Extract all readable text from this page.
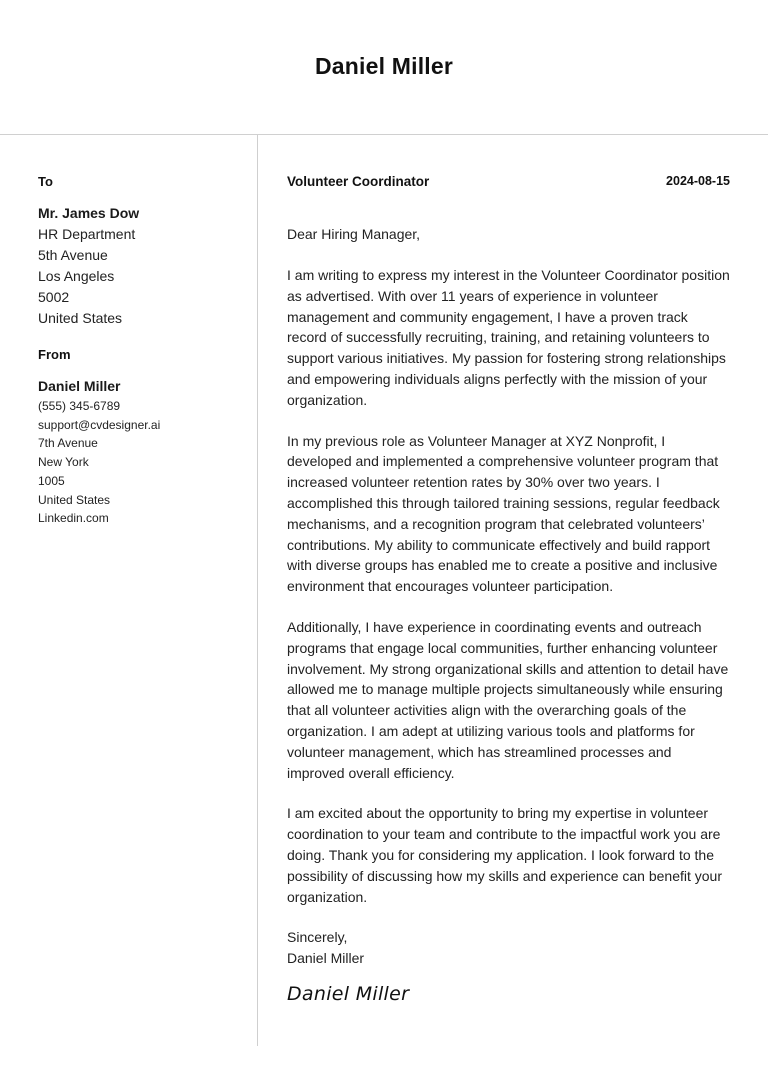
Daniel Miller
To
Mr. James Dow
HR Department
5th Avenue
Los Angeles
5002
United States
From
Daniel Miller
(555) 345-6789
support@cvdesigner.ai
7th Avenue
New York
1005
United States
Linkedin.com
Volunteer Coordinator	2024-08-15
Dear Hiring Manager,

I am writing to express my interest in the Volunteer Coordinator position as advertised. With over 11 years of experience in volunteer management and community engagement, I have a proven track record of successfully recruiting, training, and retaining volunteers to support various initiatives. My passion for fostering strong relationships and empowering individuals aligns perfectly with the mission of your organization.

In my previous role as Volunteer Manager at XYZ Nonprofit, I developed and implemented a comprehensive volunteer program that increased volunteer retention rates by 30% over two years. I accomplished this through tailored training sessions, regular feedback mechanisms, and a recognition program that celebrated volunteers’ contributions. My ability to communicate effectively and build rapport with diverse groups has enabled me to create a positive and inclusive environment that encourages volunteer participation.

Additionally, I have experience in coordinating events and outreach programs that engage local communities, further enhancing volunteer involvement. My strong organizational skills and attention to detail have allowed me to manage multiple projects simultaneously while ensuring that all volunteer activities align with the overarching goals of the organization. I am adept at utilizing various tools and platforms for volunteer management, which has streamlined processes and improved overall efficiency.

I am excited about the opportunity to bring my expertise in volunteer coordination to your team and contribute to the impactful work you are doing. Thank you for considering my application. I look forward to the possibility of discussing how my skills and experience can benefit your organization.

Sincerely,
Daniel Miller
Daniel Miller
